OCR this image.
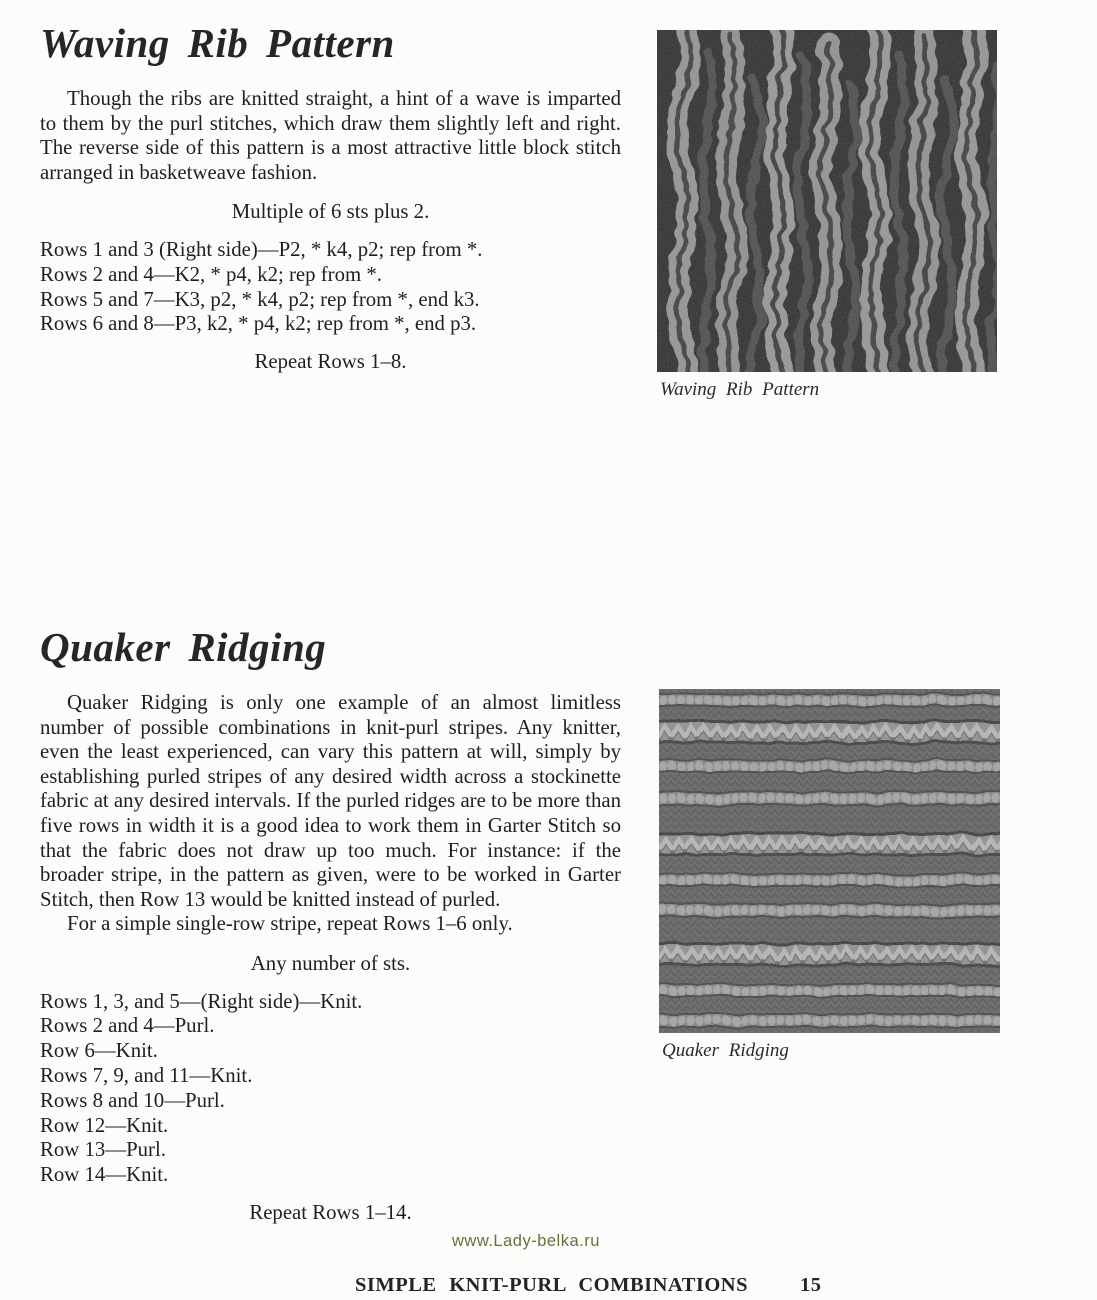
Waving Rib Pattern

Though the ribs are knitted straight, a hint of a wave is imparted to them by the purl stitches, which draw them slightly left and right. The reverse side of this pattern is a most attractive little block stitch arranged in basketweave fashion.

Multiple of 6 sts plus 2.

Rows 1 and 3 (Right side)—P2, * k4, p2; rep from *.

Rows 2 and 4—K2, * p4, k2; rep from *.

Rows 5 and 7—K3, p2, * k4, p2; rep from *, end k3.

Rows 6 and 8—P3, k2, * p4, k2; rep from *, end p3.

Repeat Rows 1–8.

Waving Rib Pattern
Quaker Ridging

Quaker Ridging is only one example of an almost limitless number of possible combinations in knit-purl stripes. Any knitter, even the least experienced, can vary this pattern at will, simply by establishing purled stripes of any desired width across a stockinette fabric at any desired intervals. If the purled ridges are to be more than five rows in width it is a good idea to work them in Garter Stitch so that the fabric does not draw up too much. For instance: if the broader stripe, in the pattern as given, were to be worked in Garter Stitch, then Row 13 would be knitted instead of purled.

For a simple single-row stripe, repeat Rows 1–6 only.

Any number of sts.

Rows 1, 3, and 5—(Right side)—Knit.

Rows 2 and 4—Purl.

Row 6—Knit.

Rows 7, 9, and 11—Knit.

Rows 8 and 10—Purl.

Row 12—Knit.

Row 13—Purl.

Row 14—Knit.

Repeat Rows 1–14.

Quaker Ridging
www.Lady-belka.ru
SIMPLE KNIT-PURL COMBINATIONS	15
